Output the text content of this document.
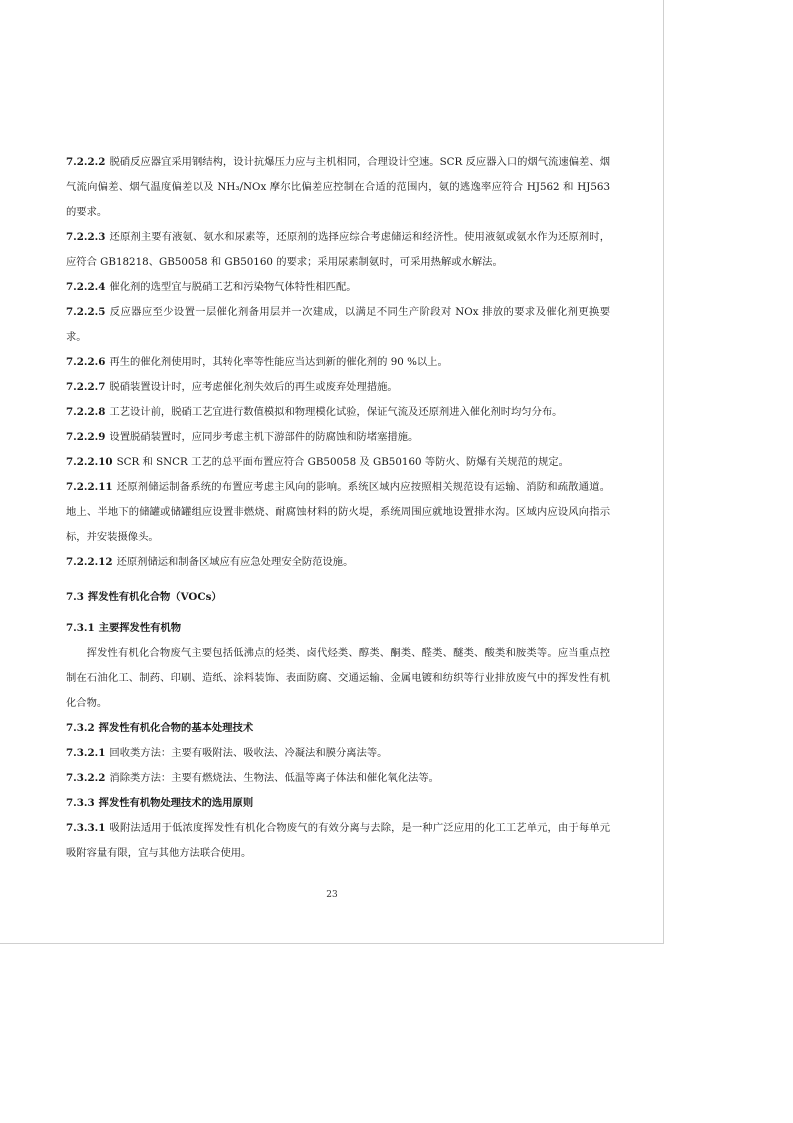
7.2.2.2 脱硝反应器宜采用钢结构，设计抗爆压力应与主机相同，合理设计空速。SCR 反应器入口的烟气流速偏差、烟气流向偏差、烟气温度偏差以及 NH₃/NOx 摩尔比偏差应控制在合适的范围内，氨的逃逸率应符合 HJ562 和 HJ563 的要求。

7.2.2.3 还原剂主要有液氨、氨水和尿素等，还原剂的选择应综合考虑储运和经济性。使用液氨或氨水作为还原剂时，应符合 GB18218、GB50058 和 GB50160 的要求；采用尿素制氨时，可采用热解或水解法。

7.2.2.4 催化剂的选型宜与脱硝工艺和污染物气体特性相匹配。

7.2.2.5 反应器应至少设置一层催化剂备用层并一次建成，以满足不同生产阶段对 NOx 排放的要求及催化剂更换要求。

7.2.2.6 再生的催化剂使用时，其转化率等性能应当达到新的催化剂的 90 %以上。

7.2.2.7 脱硝装置设计时，应考虑催化剂失效后的再生或废弃处理措施。

7.2.2.8 工艺设计前，脱硝工艺宜进行数值模拟和物理模化试验，保证气流及还原剂进入催化剂时均匀分布。

7.2.2.9 设置脱硝装置时，应同步考虑主机下游部件的防腐蚀和防堵塞措施。

7.2.2.10 SCR 和 SNCR 工艺的总平面布置应符合 GB50058 及 GB50160 等防火、防爆有关规范的规定。

7.2.2.11 还原剂储运制备系统的布置应考虑主风向的影响。系统区域内应按照相关规范设有运输、消防和疏散通道。地上、半地下的储罐或储罐组应设置非燃烧、耐腐蚀材料的防火堤，系统周围应就地设置排水沟。区域内应设风向指示标，并安装摄像头。

7.2.2.12 还原剂储运和制备区域应有应急处理安全防范设施。

7.3 挥发性有机化合物（VOCs）

7.3.1 主要挥发性有机物

挥发性有机化合物废气主要包括低沸点的烃类、卤代烃类、醇类、酮类、醛类、醚类、酸类和胺类等。应当重点控制在石油化工、制药、印刷、造纸、涂料装饰、表面防腐、交通运输、金属电镀和纺织等行业排放废气中的挥发性有机化合物。

7.3.2 挥发性有机化合物的基本处理技术

7.3.2.1 回收类方法：主要有吸附法、吸收法、冷凝法和膜分离法等。

7.3.2.2 消除类方法：主要有燃烧法、生物法、低温等离子体法和催化氧化法等。

7.3.3 挥发性有机物处理技术的选用原则

7.3.3.1 吸附法适用于低浓度挥发性有机化合物废气的有效分离与去除，是一种广泛应用的化工工艺单元，由于每单元吸附容量有限，宜与其他方法联合使用。

23
